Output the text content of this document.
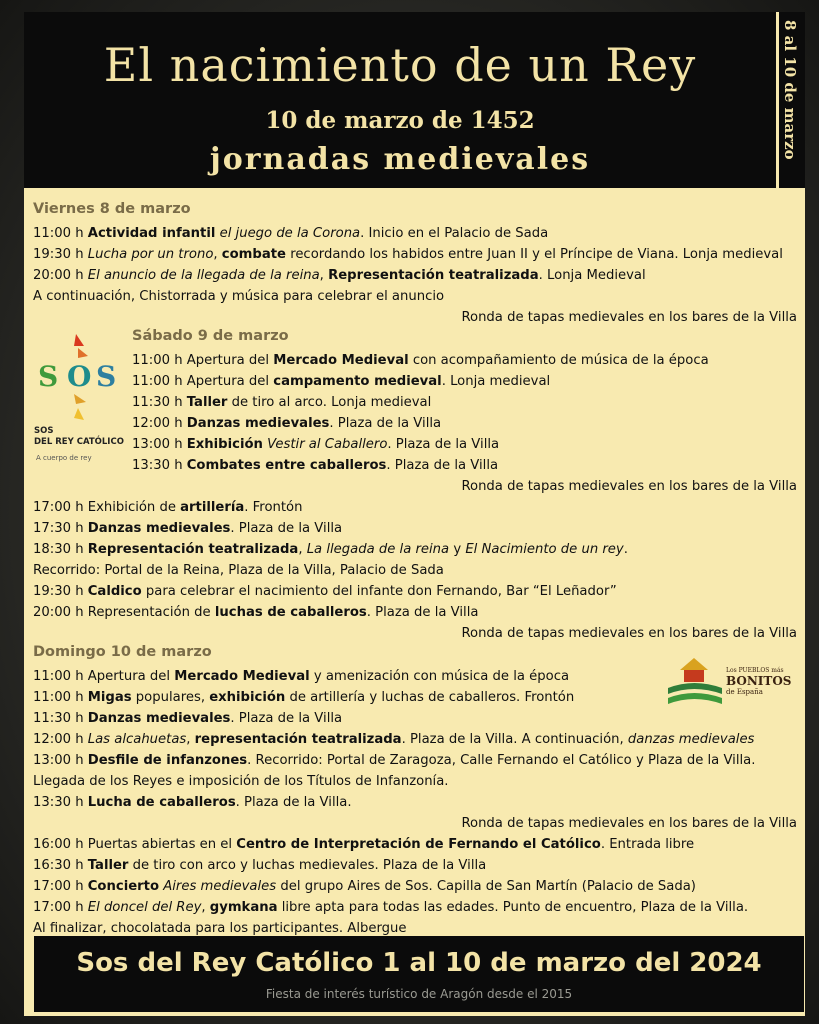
El nacimiento de un Rey
10 de marzo de 1452
jornadas medievales	8 al 10 de marzo
S O S
SOS
DEL REY CATÓLICO
A cuerpo de rey
Los PUEBLOS más
BONITOS
de España
Viernes 8 de marzo
11:00 h Actividad infantil el juego de la Corona. Inicio en el Palacio de Sada
19:30 h Lucha por un trono, combate recordando los habidos entre Juan II y el Príncipe de Viana. Lonja medieval
20:00 h El anuncio de la llegada de la reina, Representación teatralizada. Lonja Medieval
A continuación, Chistorrada y música para celebrar el anuncio
Ronda de tapas medievales en los bares de la Villa
Sábado 9 de marzo
11:00 h Apertura del Mercado Medieval con acompañamiento de música de la época
11:00 h Apertura del campamento medieval. Lonja medieval
11:30 h Taller de tiro al arco. Lonja medieval
12:00 h Danzas medievales. Plaza de la Villa
13:00 h Exhibición Vestir al Caballero. Plaza de la Villa
13:30 h Combates entre caballeros. Plaza de la Villa
Ronda de tapas medievales en los bares de la Villa
17:00 h Exhibición de artillería. Frontón
17:30 h Danzas medievales. Plaza de la Villa
18:30 h Representación teatralizada, La llegada de la reina y El Nacimiento de un rey.
Recorrido: Portal de la Reina, Plaza de la Villa, Palacio de Sada
19:30 h Caldico para celebrar el nacimiento del infante don Fernando, Bar “El Leñador”
20:00 h Representación de luchas de caballeros. Plaza de la Villa
Ronda de tapas medievales en los bares de la Villa
Domingo 10 de marzo
11:00 h Apertura del Mercado Medieval y amenización con música de la época
11:00 h Migas populares, exhibición de artillería y luchas de caballeros. Frontón
11:30 h Danzas medievales. Plaza de la Villa
12:00 h Las alcahuetas, representación teatralizada. Plaza de la Villa. A continuación, danzas medievales
13:00 h Desfile de infanzones. Recorrido: Portal de Zaragoza, Calle Fernando el Católico y Plaza de la Villa.
Llegada de los Reyes e imposición de los Títulos de Infanzonía.
13:30 h Lucha de caballeros. Plaza de la Villa.
Ronda de tapas medievales en los bares de la Villa
16:00 h Puertas abiertas en el Centro de Interpretación de Fernando el Católico. Entrada libre
16:30 h Taller de tiro con arco y luchas medievales. Plaza de la Villa
17:00 h Concierto Aires medievales del grupo Aires de Sos. Capilla de San Martín (Palacio de Sada)
17:00 h El doncel del Rey, gymkana libre apta para todas las edades. Punto de encuentro, Plaza de la Villa.
Al finalizar, chocolatada para los participantes. Albergue
Sos del Rey Católico 1 al 10 de marzo del 2024
Fiesta de interés turístico de Aragón desde el 2015
